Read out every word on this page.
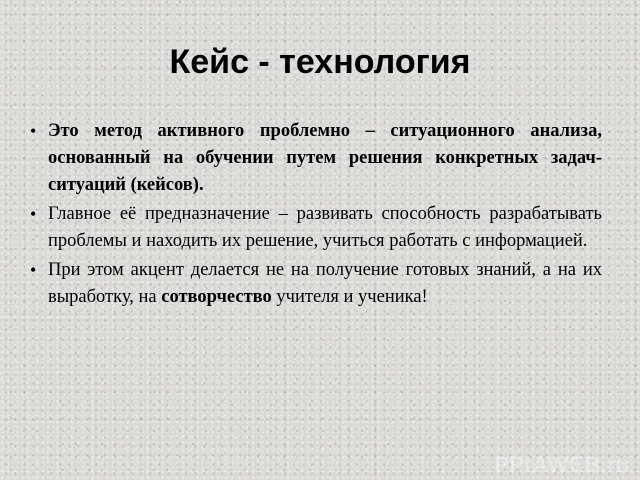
Кейс - технология
• Это метод активного проблемно – ситуационного анализа, основанный на обучении путем решения конкретных задач-ситуаций (кейсов).
• Главное её предназначение – развивать способность разрабатывать проблемы и находить их решение, учиться работать с информацией.
• При этом акцент делается не на получение готовых знаний, а на их выработку, на сотворчество учителя и ученика!
PPtAWEB.ru
